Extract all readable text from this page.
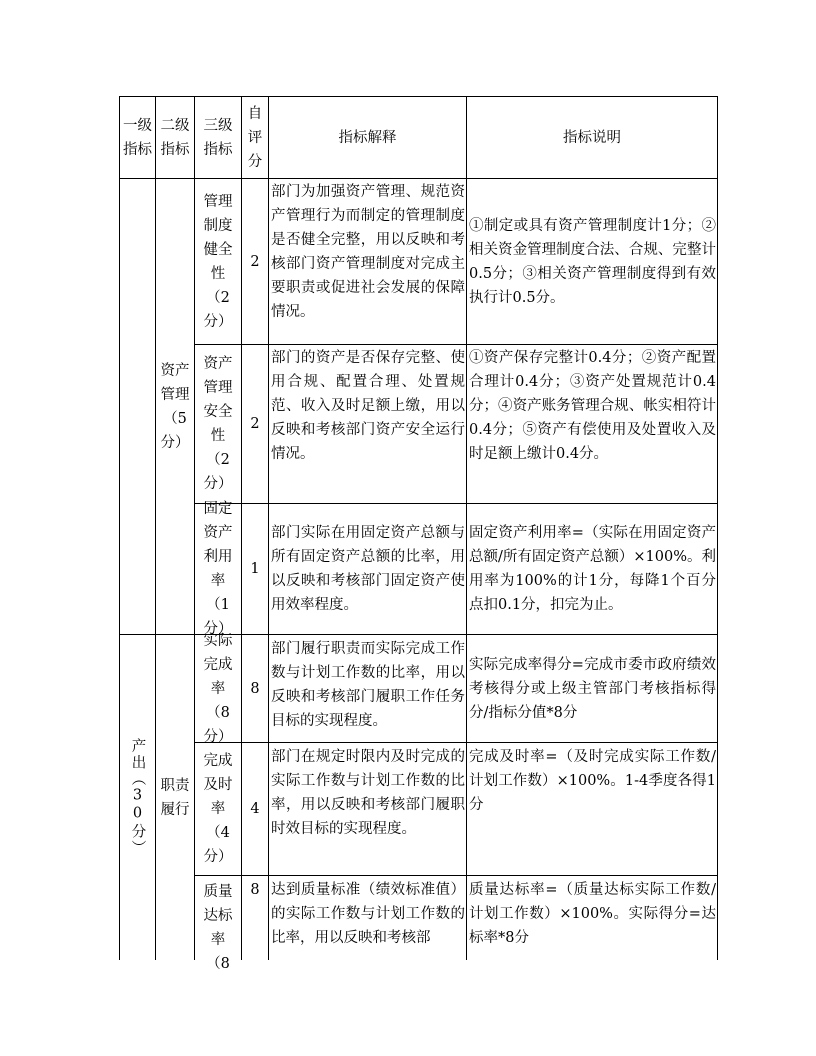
一级指标
二级指标
三级指标
自评分
指标解释	指标说明
资产管理（5分）
产出（30分） 职责履行
管理制度健全性（2分）
2
部门为加强资产管理、规范资产管理行为而制定的管理制度是否健全完整，用以反映和考核部门资产管理制度对完成主要职责或促进社会发展的保障情况。
①制定或具有资产管理制度计1分；②相关资金管理制度合法、合规、完整计0.5分；③相关资产管理制度得到有效执行计0.5分。
资产管理安全性（2分）
2
部门的资产是否保存完整、使用合规、配置合理、处置规范、收入及时足额上缴，用以反映和考核部门资产安全运行情况。
①资产保存完整计0.4分；②资产配置合理计0.4分；③资产处置规范计0.4分；④资产账务管理合规、帐实相符计0.4分；⑤资产有偿使用及处置收入及时足额上缴计0.4分。
固定资产利用率（1分）
1
部门实际在用固定资产总额与所有固定资产总额的比率，用以反映和考核部门固定资产使用效率程度。
固定资产利用率=（实际在用固定资产总额/所有固定资产总额）×100%。利用率为100%的计1分，每降1个百分点扣0.1分，扣完为止。
实际完成率（8分）
8
部门履行职责而实际完成工作数与计划工作数的比率，用以反映和考核部门履职工作任务目标的实现程度。
实际完成率得分=完成市委市政府绩效考核得分或上级主管部门考核指标得分/指标分值*8分
完成及时率（4分）
4
部门在规定时限内及时完成的实际工作数与计划工作数的比率，用以反映和考核部门履职时效目标的实现程度。
完成及时率=（及时完成实际工作数/计划工作数）×100%。1-4季度各得1分
质量达标率（8
8 达到质量标准（绩效标准值）的实际工作数与计划工作数的比率，用以反映和考核部
质量达标率=（质量达标实际工作数/计划工作数）×100%。实际得分=达标率*8分
